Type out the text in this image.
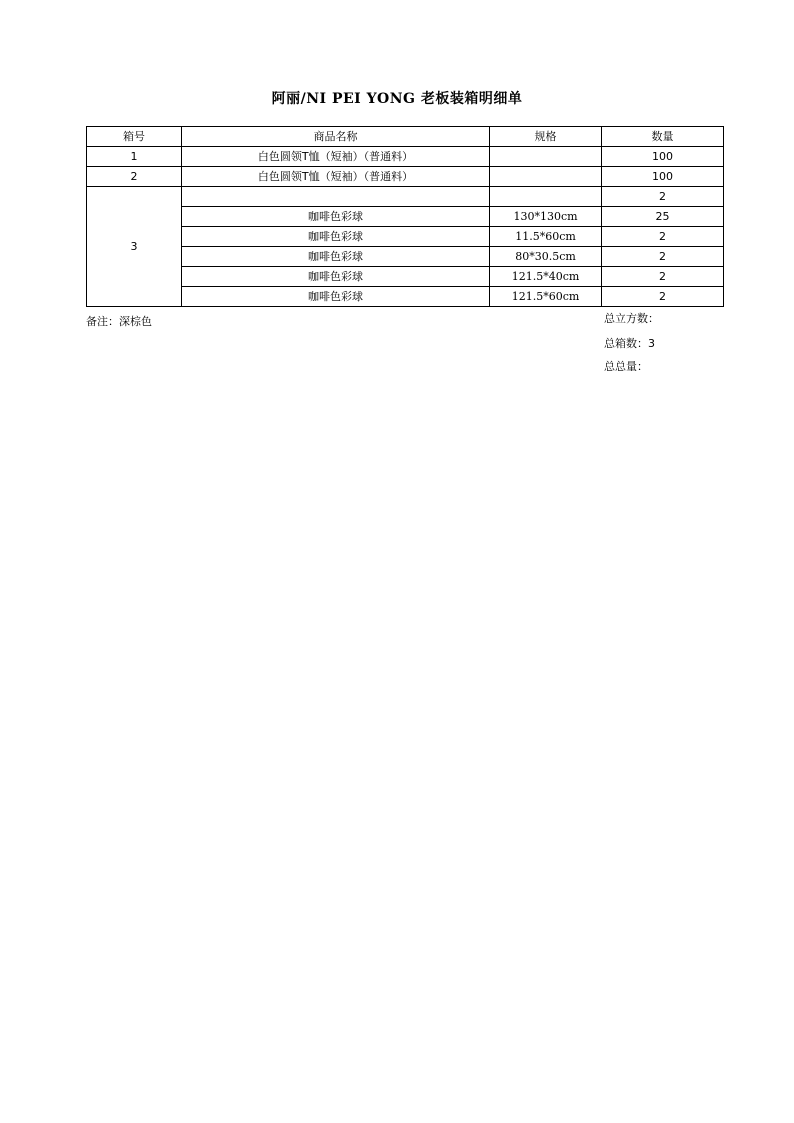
阿丽/NI PEI YONG 老板装箱明细单
箱号	商品名称	规格	数量
1	白色圆领T恤（短袖）（普通料）		100
2	白色圆领T恤（短袖）（普通料）		100
3			2
	咖啡色彩球	130*130cm	25
	咖啡色彩球	11.5*60cm	2
	咖啡色彩球	80*30.5cm	2
	咖啡色彩球	121.5*40cm	2
	咖啡色彩球	121.5*60cm	2
备注：深棕色	总立方数：
总箱数：3
总总量：
